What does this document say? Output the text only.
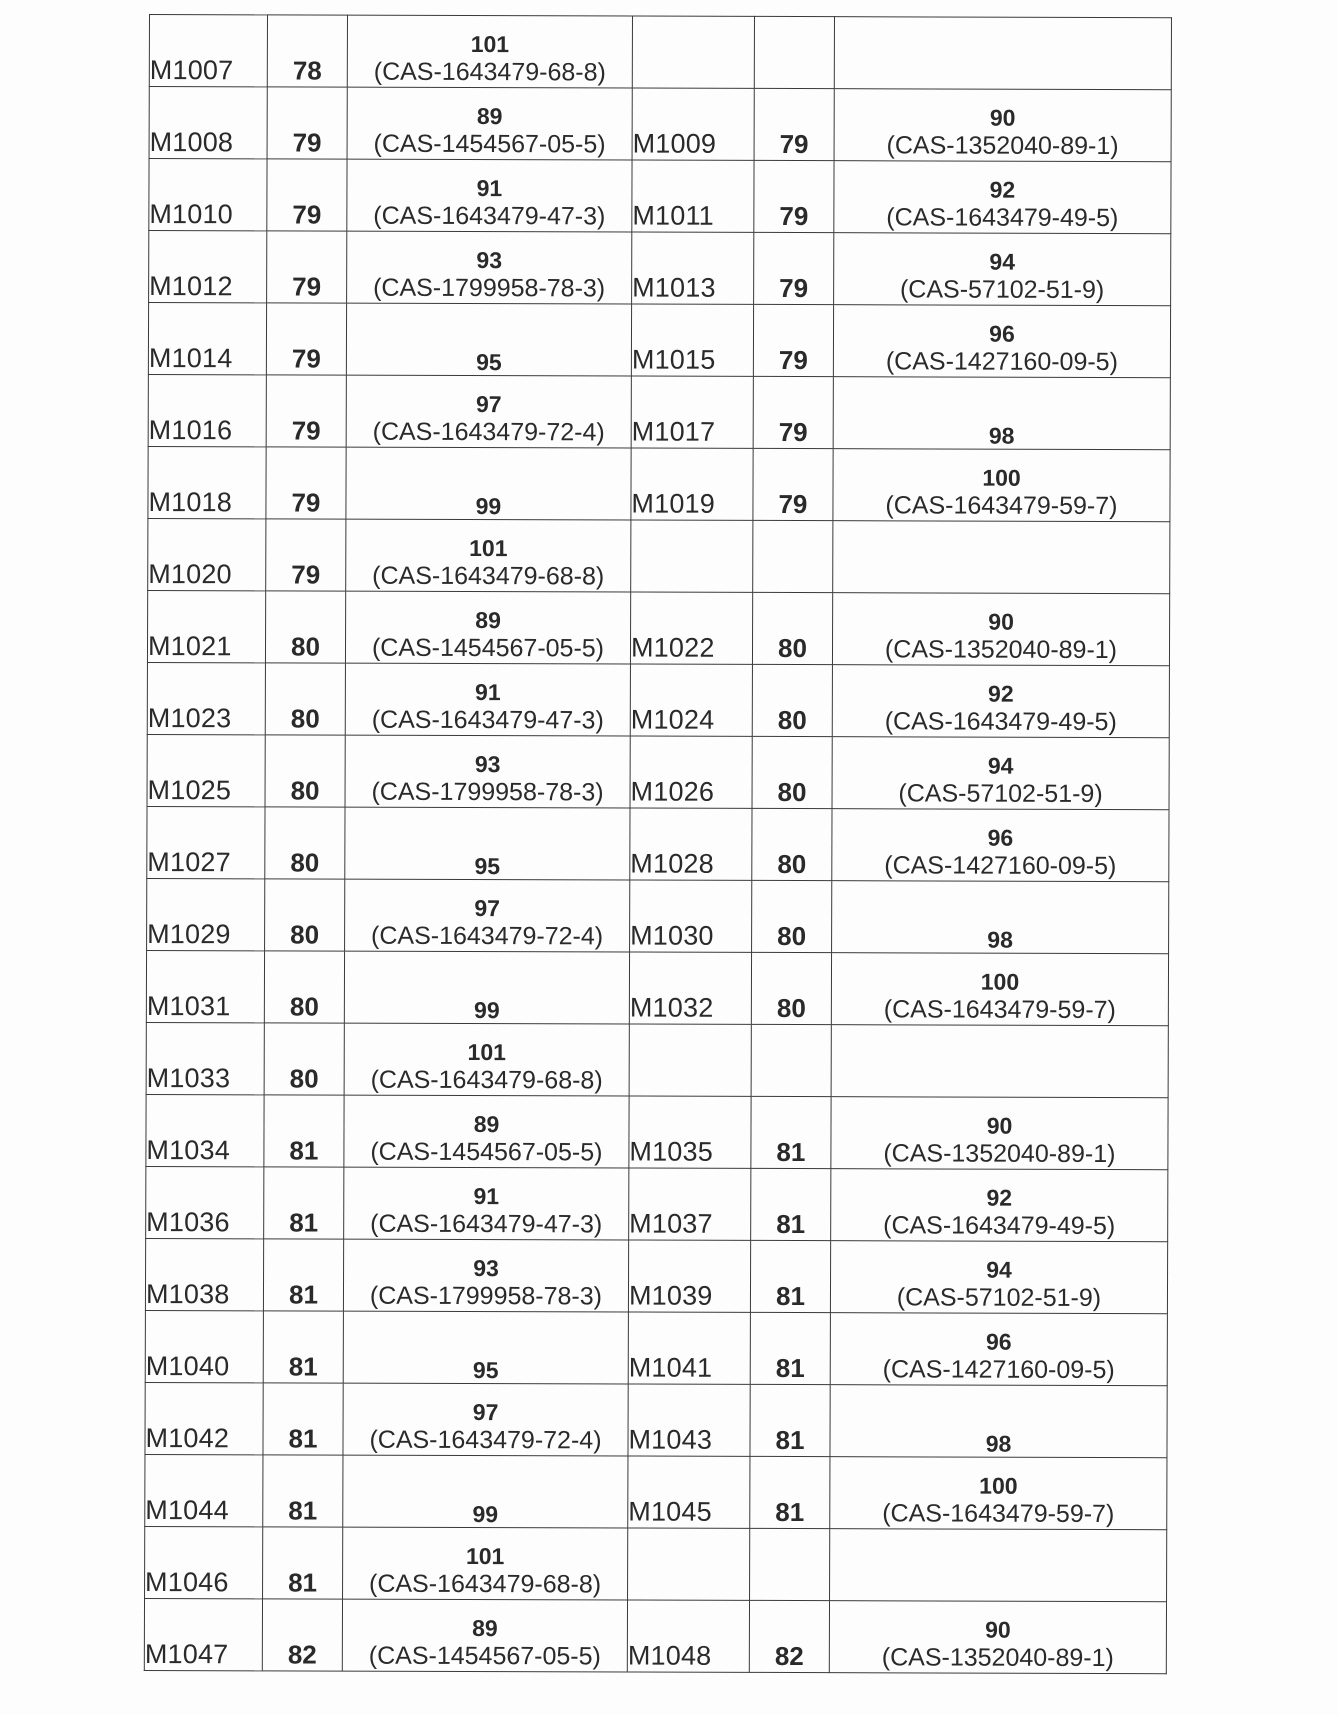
M1007	78	101
(CAS-1643479-68-8)			

M1008	79	89
(CAS-1454567-05-5)	M1009	79	90
(CAS-1352040-89-1)

M1010	79	91
(CAS-1643479-47-3)	M1011	79	92
(CAS-1643479-49-5)

M1012	79	93
(CAS-1799958-78-3)	M1013	79	94
(CAS-57102-51-9)

M1014	79	95	M1015	79	96
(CAS-1427160-09-5)

M1016	79	97
(CAS-1643479-72-4)	M1017	79	98

M1018	79	99	M1019	79	100
(CAS-1643479-59-7)

M1020	79	101
(CAS-1643479-68-8)			

M1021	80	89
(CAS-1454567-05-5)	M1022	80	90
(CAS-1352040-89-1)

M1023	80	91
(CAS-1643479-47-3)	M1024	80	92
(CAS-1643479-49-5)

M1025	80	93
(CAS-1799958-78-3)	M1026	80	94
(CAS-57102-51-9)

M1027	80	95	M1028	80	96
(CAS-1427160-09-5)

M1029	80	97
(CAS-1643479-72-4)	M1030	80	98

M1031	80	99	M1032	80	100
(CAS-1643479-59-7)

M1033	80	101
(CAS-1643479-68-8)			

M1034	81	89
(CAS-1454567-05-5)	M1035	81	90
(CAS-1352040-89-1)

M1036	81	91
(CAS-1643479-47-3)	M1037	81	92
(CAS-1643479-49-5)

M1038	81	93
(CAS-1799958-78-3)	M1039	81	94
(CAS-57102-51-9)

M1040	81	95	M1041	81	96
(CAS-1427160-09-5)

M1042	81	97
(CAS-1643479-72-4)	M1043	81	98

M1044	81	99	M1045	81	100
(CAS-1643479-59-7)

M1046	81	101
(CAS-1643479-68-8)			

M1047	82	89
(CAS-1454567-05-5)	M1048	82	90
(CAS-1352040-89-1)
